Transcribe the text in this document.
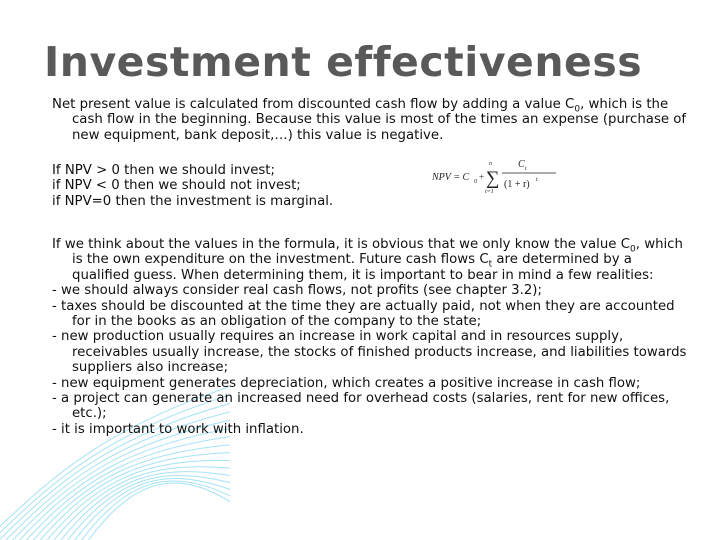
Investment effectiveness

Net present value is calculated from discounted cash flow by adding a value $C_0$, which is the cash flow in the beginning. Because this value is most of the times an expense (purchase of new equipment, bank deposit,…) this value is negative.

If NPV > 0 then we should invest;

if NPV < 0 then we should not invest;

if NPV=0 then the investment is marginal.

NPV = C 0 + ∑
n
t=1
C t
(1 + r) t

If we think about the values in the formula, it is obvious that we only know the value $C_0$, which is the own expenditure on the investment. Future cash flows $C_t$ are determined by a qualified guess. When determining them, it is important to bear in mind a few realities:

- we should always consider real cash flows, not profits (see chapter 3.2);

- taxes should be discounted at the time they are actually paid, not when they are accounted for in the books as an obligation of the company to the state;

- new production usually requires an increase in work capital and in resources supply, receivables usually increase, the stocks of finished products increase, and liabilities towards suppliers also increase;

- new equipment generates depreciation, which creates a positive increase in cash flow;

- a project can generate an increased need for overhead costs (salaries, rent for new offices, etc.);

- it is important to work with inflation.
